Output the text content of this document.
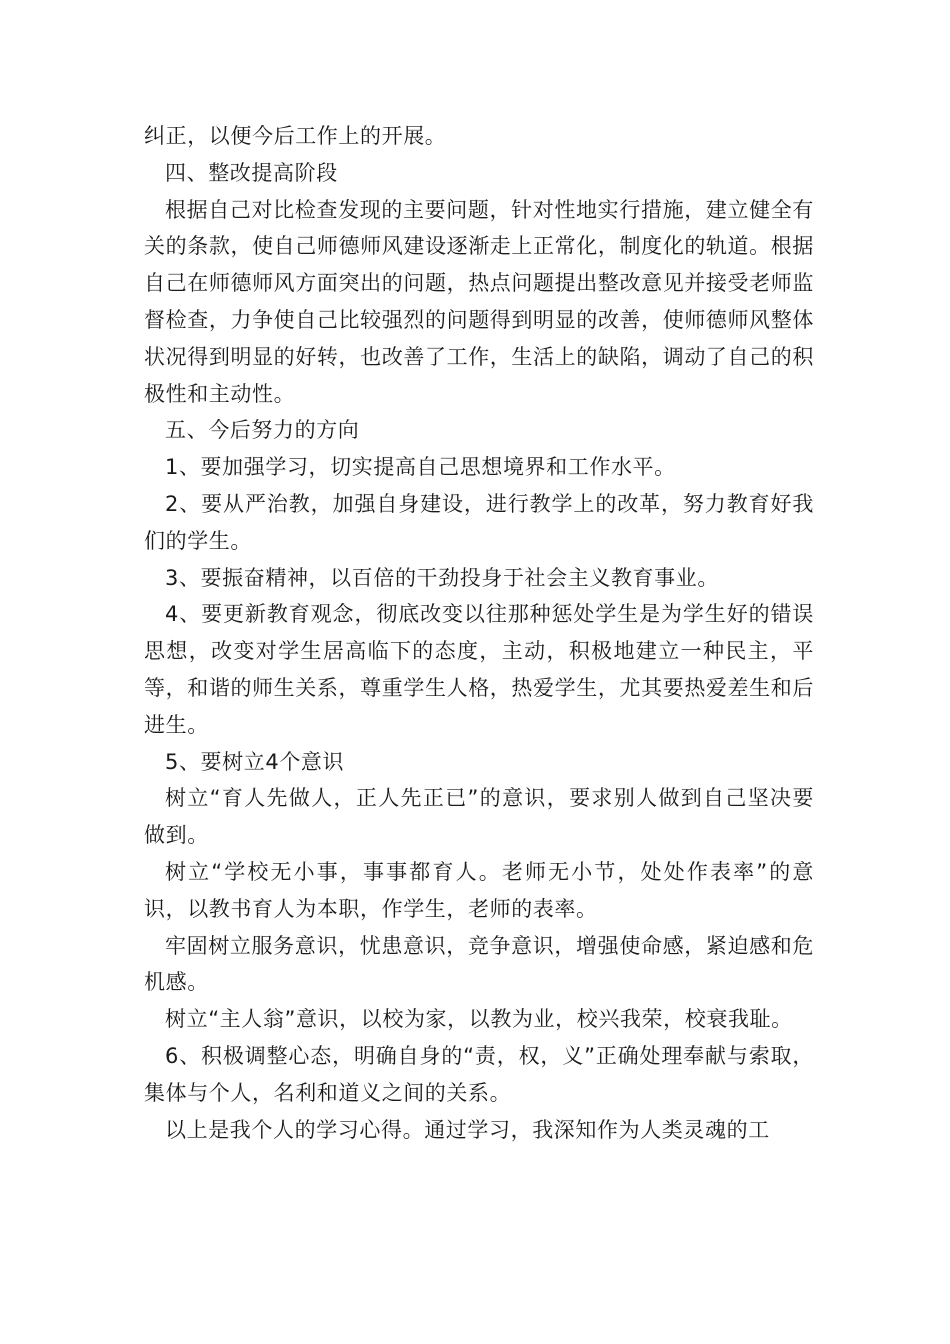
纠正，以便今后工作上的开展。

四、整改提高阶段

根据自己对比检查发现的主要问题，针对性地实行措施，建立健全有关的条款，使自己师德师风建设逐渐走上正常化，制度化的轨道。根据自己在师德师风方面突出的问题，热点问题提出整改意见并接受老师监督检查，力争使自己比较强烈的问题得到明显的改善，使师德师风整体状况得到明显的好转，也改善了工作，生活上的缺陷，调动了自己的积极性和主动性。

五、今后努力的方向

1、要加强学习，切实提高自己思想境界和工作水平。

2、要从严治教，加强自身建设，进行教学上的改革，努力教育好我们的学生。

3、要振奋精神，以百倍的干劲投身于社会主义教育事业。

4、要更新教育观念，彻底改变以往那种惩处学生是为学生好的错误思想，改变对学生居高临下的态度，主动，积极地建立一种民主，平等，和谐的师生关系，尊重学生人格，热爱学生，尤其要热爱差生和后进生。

5、要树立4个意识

树立“育人先做人，正人先正已”的意识，要求别人做到自己坚决要做到。

树立“学校无小事，事事都育人。老师无小节，处处作表率”的意识，以教书育人为本职，作学生，老师的表率。

牢固树立服务意识，忧患意识，竞争意识，增强使命感，紧迫感和危机感。

树立“主人翁”意识，以校为家，以教为业，校兴我荣，校衰我耻。

6、积极调整心态，明确自身的“责，权，义”正确处理奉献与索取，集体与个人，名利和道义之间的关系。

以上是我个人的学习心得。通过学习，我深知作为人类灵魂的工
